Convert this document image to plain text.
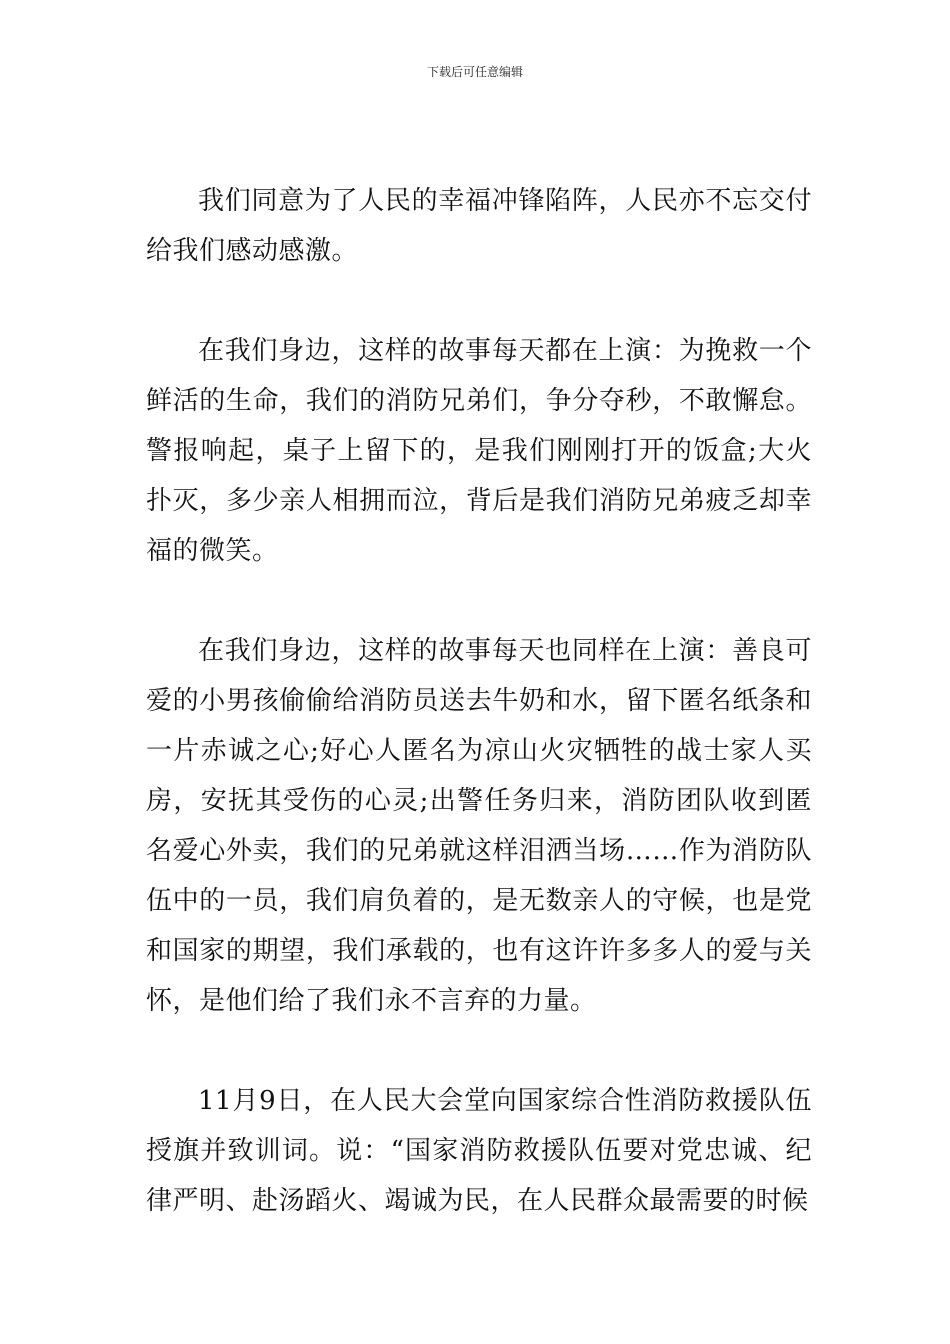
下载后可任意编辑

我们同意为了人民的幸福冲锋陷阵，人民亦不忘交付给我们感动感激。

在我们身边，这样的故事每天都在上演：为挽救一个鲜活的生命，我们的消防兄弟们，争分夺秒，不敢懈怠。警报响起，桌子上留下的，是我们刚刚打开的饭盒;大火扑灭，多少亲人相拥而泣，背后是我们消防兄弟疲乏却幸福的微笑。

在我们身边，这样的故事每天也同样在上演：善良可爱的小男孩偷偷给消防员送去牛奶和水，留下匿名纸条和一片赤诚之心;好心人匿名为凉山火灾牺牲的战士家人买房，安抚其受伤的心灵;出警任务归来，消防团队收到匿名爱心外卖，我们的兄弟就这样泪洒当场……作为消防队伍中的一员，我们肩负着的，是无数亲人的守候，也是党和国家的期望，我们承载的，也有这许许多多人的爱与关怀，是他们给了我们永不言弃的力量。

11月9日，在人民大会堂向国家综合性消防救援队伍授旗并致训词。说：“国家消防救援队伍要对党忠诚、纪律严明、赴汤蹈火、竭诚为民，在人民群众最需要的时候
